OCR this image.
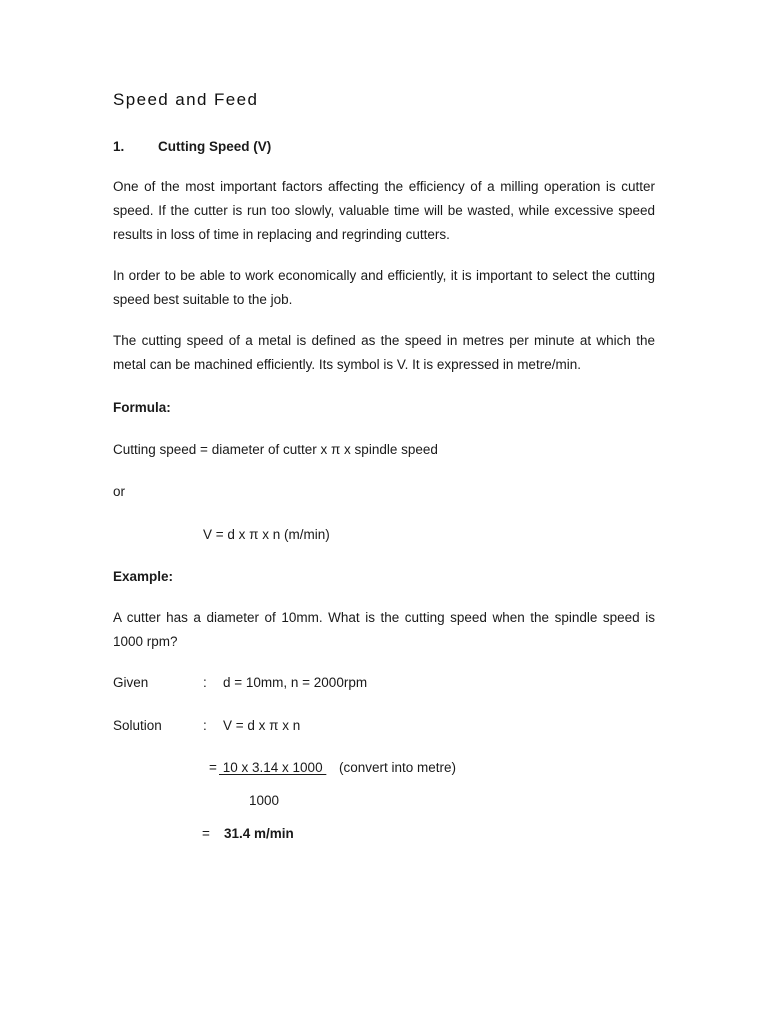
Speed and Feed
1. Cutting Speed (V)
One of the most important factors affecting the efficiency of a milling operation is cutter speed. If the cutter is run too slowly, valuable time will be wasted, while excessive speed results in loss of time in replacing and regrinding cutters.
In order to be able to work economically and efficiently, it is important to select the cutting speed best suitable to the job.
The cutting speed of a metal is defined as the speed in metres per minute at which the metal can be machined efficiently. Its symbol is V. It is expressed in metre/min.
Formula:
Cutting speed = diameter of cutter x π x spindle speed
or
V = d x π x n (m/min)
Example:
A cutter has a diameter of 10mm. What is the cutting speed when the spindle speed is 1000 rpm?
Given	: d = 10mm, n = 2000rpm
Solution	: V = d x π x n
= 10 x 3.14 x 1000 (convert into metre)
1000
= 31.4 m/min
